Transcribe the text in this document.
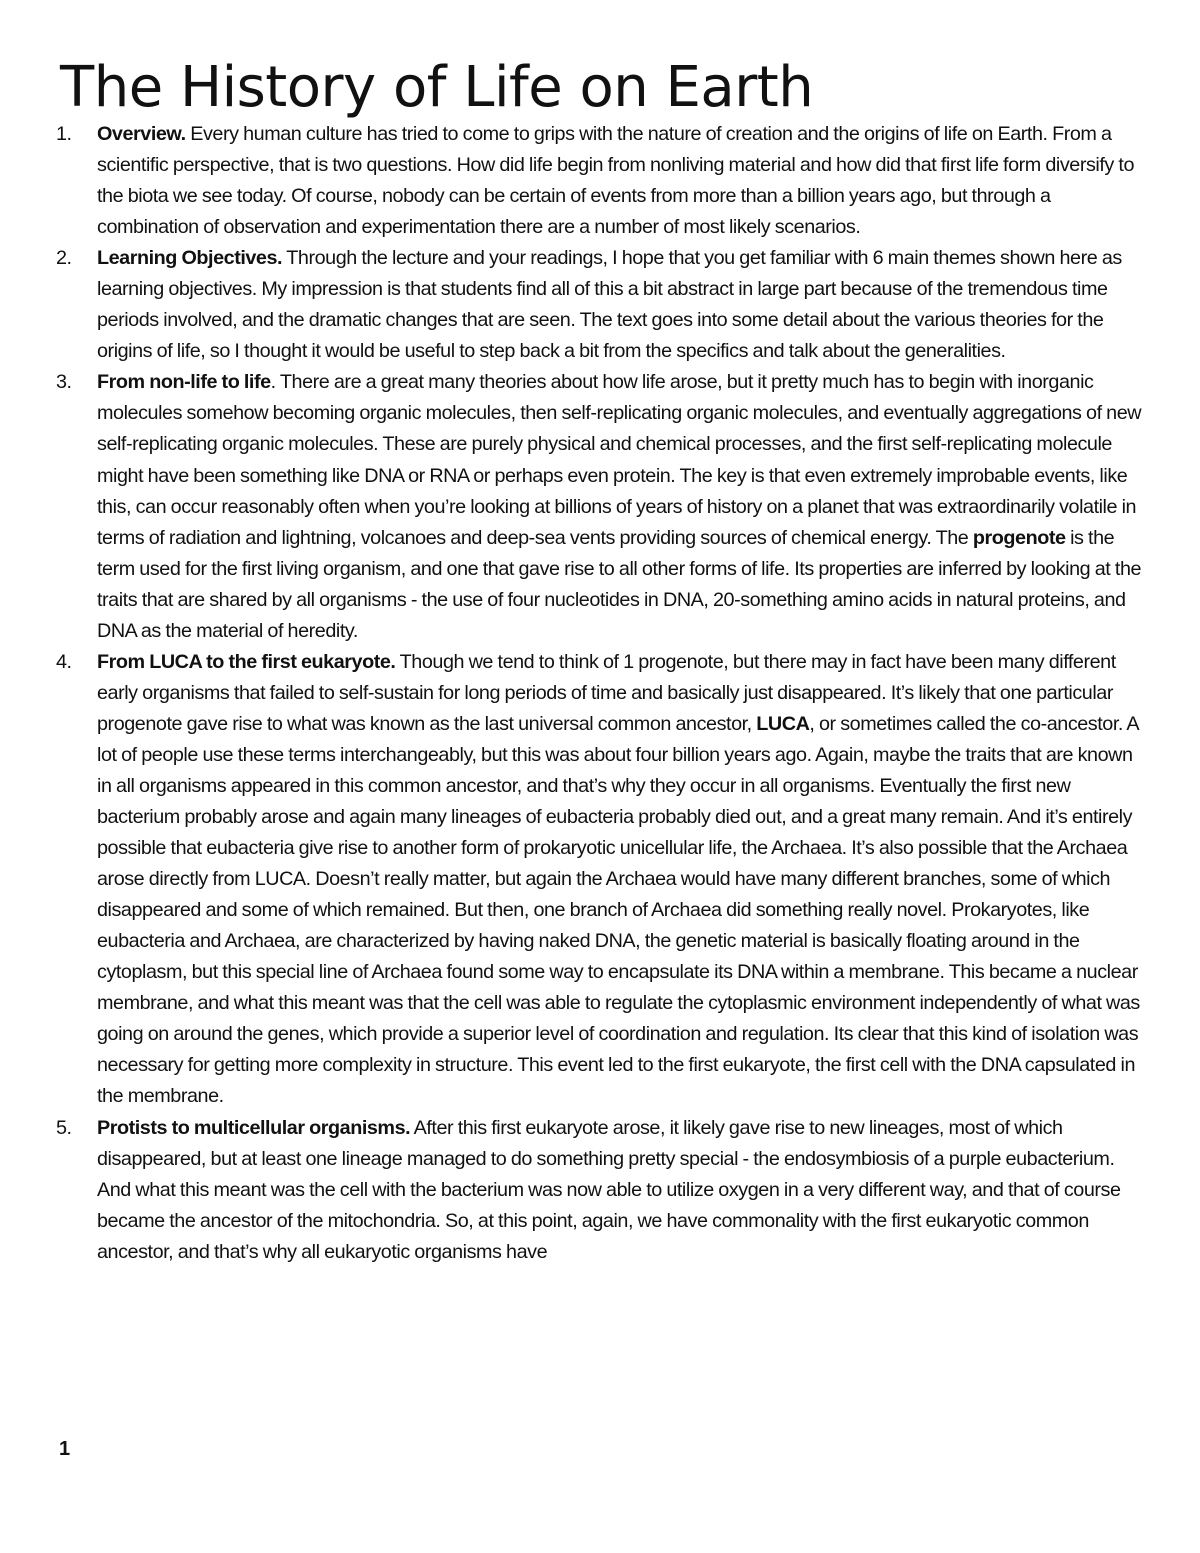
The History of Life on Earth
1. Overview. Every human culture has tried to come to grips with the nature of creation and the origins of life on Earth. From a scientific perspective, that is two questions. How did life begin from nonliving material and how did that first life form diversify to the biota we see today. Of course, nobody can be certain of events from more than a billion years ago, but through a combination of observation and experimentation there are a number of most likely scenarios.
2. Learning Objectives. Through the lecture and your readings, I hope that you get familiar with 6 main themes shown here as learning objectives. My impression is that students find all of this a bit abstract in large part because of the tremendous time periods involved, and the dramatic changes that are seen. The text goes into some detail about the various theories for the origins of life, so I thought it would be useful to step back a bit from the specifics and talk about the generalities.
3. From non-life to life. There are a great many theories about how life arose, but it pretty much has to begin with inorganic molecules somehow becoming organic molecules, then self-replicating organic molecules, and eventually aggregations of new self-replicating organic molecules. These are purely physical and chemical processes, and the first self-replicating molecule might have been something like DNA or RNA or perhaps even protein. The key is that even extremely improbable events, like this, can occur reasonably often when you’re looking at billions of years of history on a planet that was extraordinarily volatile in terms of radiation and lightning, volcanoes and deep-sea vents providing sources of chemical energy. The progenote is the term used for the first living organism, and one that gave rise to all other forms of life. Its properties are inferred by looking at the traits that are shared by all organisms - the use of four nucleotides in DNA, 20-something amino acids in natural proteins, and DNA as the material of heredity.
4. From LUCA to the first eukaryote. Though we tend to think of 1 progenote, but there may in fact have been many different early organisms that failed to self-sustain for long periods of time and basically just disappeared. It’s likely that one particular progenote gave rise to what was known as the last universal common ancestor, LUCA, or sometimes called the co-ancestor. A lot of people use these terms interchangeably, but this was about four billion years ago. Again, maybe the traits that are known in all organisms appeared in this common ancestor, and that’s why they occur in all organisms. Eventually the first new bacterium probably arose and again many lineages of eubacteria probably died out, and a great many remain. And it’s entirely possible that eubacteria give rise to another form of prokaryotic unicellular life, the Archaea. It’s also possible that the Archaea arose directly from LUCA. Doesn’t really matter, but again the Archaea would have many different branches, some of which disappeared and some of which remained. But then, one branch of Archaea did something really novel. Prokaryotes, like eubacteria and Archaea, are characterized by having naked DNA, the genetic material is basically floating around in the cytoplasm, but this special line of Archaea found some way to encapsulate its DNA within a membrane. This became a nuclear membrane, and what this meant was that the cell was able to regulate the cytoplasmic environment independently of what was going on around the genes, which provide a superior level of coordination and regulation. Its clear that this kind of isolation was necessary for getting more complexity in structure. This event led to the first eukaryote, the first cell with the DNA capsulated in the membrane.
5. Protists to multicellular organisms. After this first eukaryote arose, it likely gave rise to new lineages, most of which disappeared, but at least one lineage managed to do something pretty special - the endosymbiosis of a purple eubacterium. And what this meant was the cell with the bacterium was now able to utilize oxygen in a very different way, and that of course became the ancestor of the mitochondria. So, at this point, again, we have commonality with the first eukaryotic common ancestor, and that’s why all eukaryotic organisms have
1
